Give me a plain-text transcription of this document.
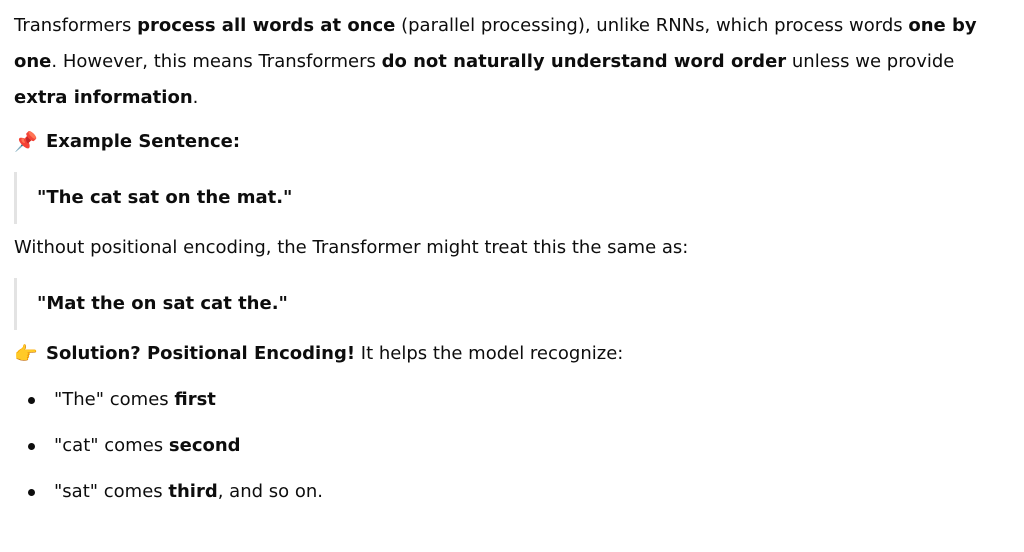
Transformers process all words at once (parallel processing), unlike RNNs, which process words one by one. However, this means Transformers do not naturally understand word order unless we provide extra information.

📌 Example Sentence:

"The cat sat on the mat."

Without positional encoding, the Transformer might treat this the same as:

"Mat the on sat cat the."

👉 Solution? Positional Encoding! It helps the model recognize:

"The" comes first
"cat" comes second
"sat" comes third, and so on.
